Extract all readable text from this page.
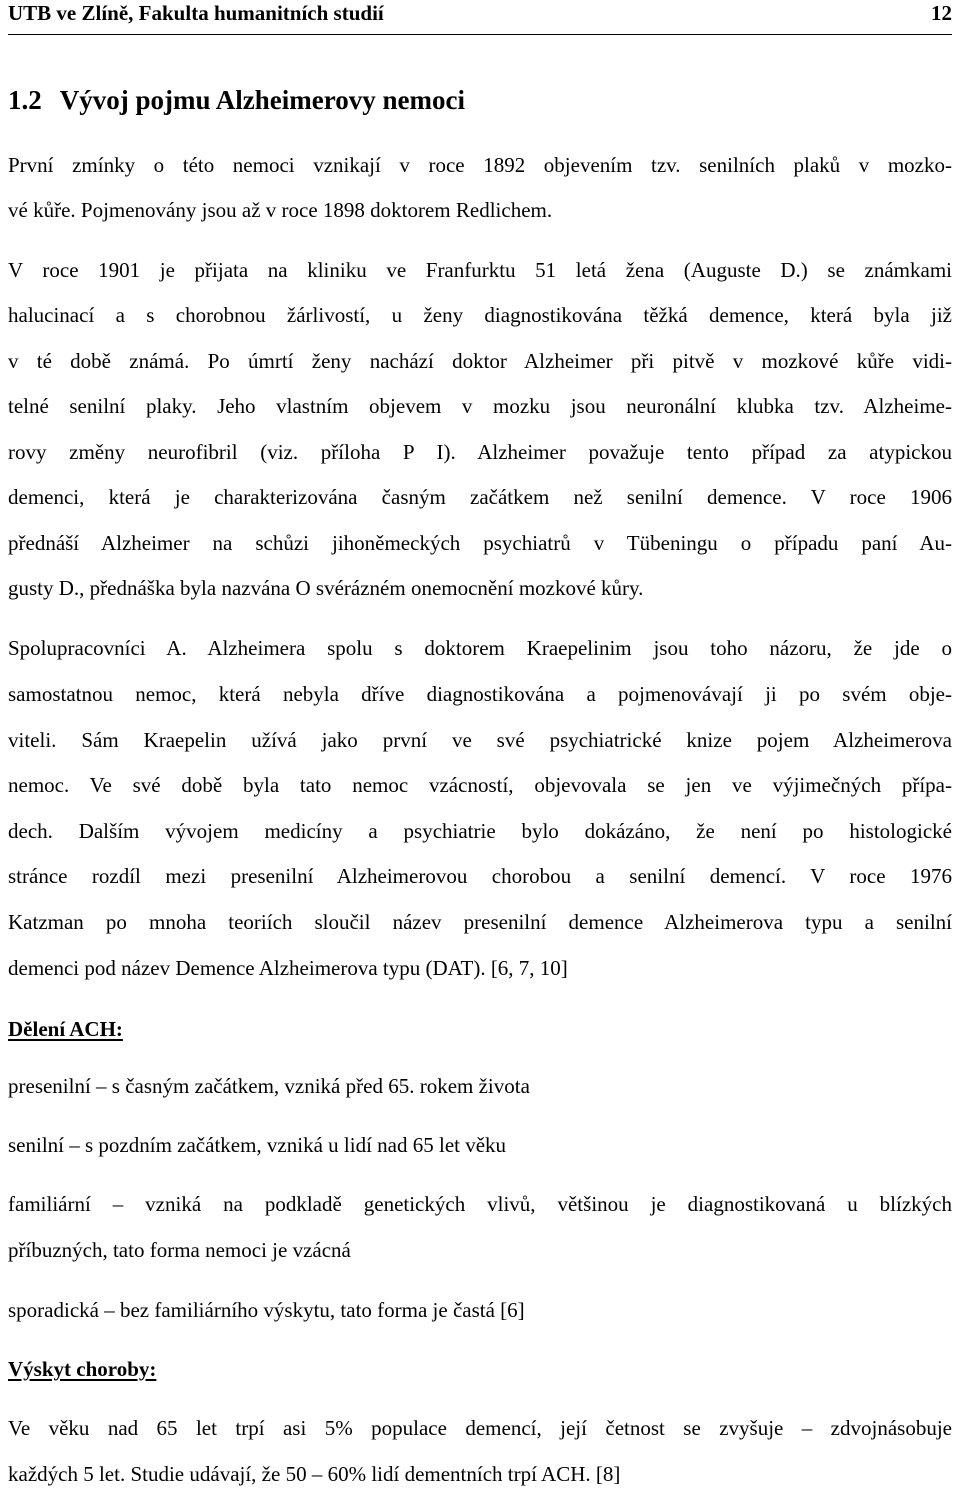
UTB ve Zlíně, Fakulta humanitních studií	12
1.2 Vývoj pojmu Alzheimerovy nemoci
První zmínky o této nemoci vznikají v roce 1892 objevením tzv. senilních plaků v mozko-
vé kůře. Pojmenovány jsou až v roce 1898 doktorem Redlichem.
V roce 1901 je přijata na kliniku ve Franfurktu 51 letá žena (Auguste D.) se známkami
halucinací a s chorobnou žárlivostí, u ženy diagnostikována těžká demence, která byla již
v té době známá. Po úmrtí ženy nachází doktor Alzheimer při pitvě v mozkové kůře vidi-
telné senilní plaky. Jeho vlastním objevem v mozku jsou neuronální klubka tzv. Alzheime-
rovy změny neurofibril (viz. příloha P I). Alzheimer považuje tento případ za atypickou
demenci, která je charakterizována časným začátkem než senilní demence. V roce 1906
přednáší Alzheimer na schůzi jihoněmeckých psychiatrů v Tübeningu o případu paní Au-
gusty D., přednáška byla nazvána O svérázném onemocnění mozkové kůry.
Spolupracovníci A. Alzheimera spolu s doktorem Kraepelinim jsou toho názoru, že jde o
samostatnou nemoc, která nebyla dříve diagnostikována a pojmenovávají ji po svém obje-
viteli. Sám Kraepelin užívá jako první ve své psychiatrické knize pojem Alzheimerova
nemoc. Ve své době byla tato nemoc vzácností, objevovala se jen ve výjimečných přípa-
dech. Dalším vývojem medicíny a psychiatrie bylo dokázáno, že není po histologické
stránce rozdíl mezi presenilní Alzheimerovou chorobou a senilní demencí. V roce 1976
Katzman po mnoha teoriích sloučil název presenilní demence Alzheimerova typu a senilní
demenci pod název Demence Alzheimerova typu (DAT). [6, 7, 10]
Dělení ACH:
presenilní – s časným začátkem, vzniká před 65. rokem života
senilní – s pozdním začátkem, vzniká u lidí nad 65 let věku
familiární – vzniká na podkladě genetických vlivů, většinou je diagnostikovaná u blízkých
příbuzných, tato forma nemoci je vzácná
sporadická – bez familiárního výskytu, tato forma je častá [6]
Výskyt choroby:
Ve věku nad 65 let trpí asi 5% populace demencí, její četnost se zvyšuje – zdvojnásobuje
každých 5 let. Studie udávají, že 50 – 60% lidí dementních trpí ACH. [8]
